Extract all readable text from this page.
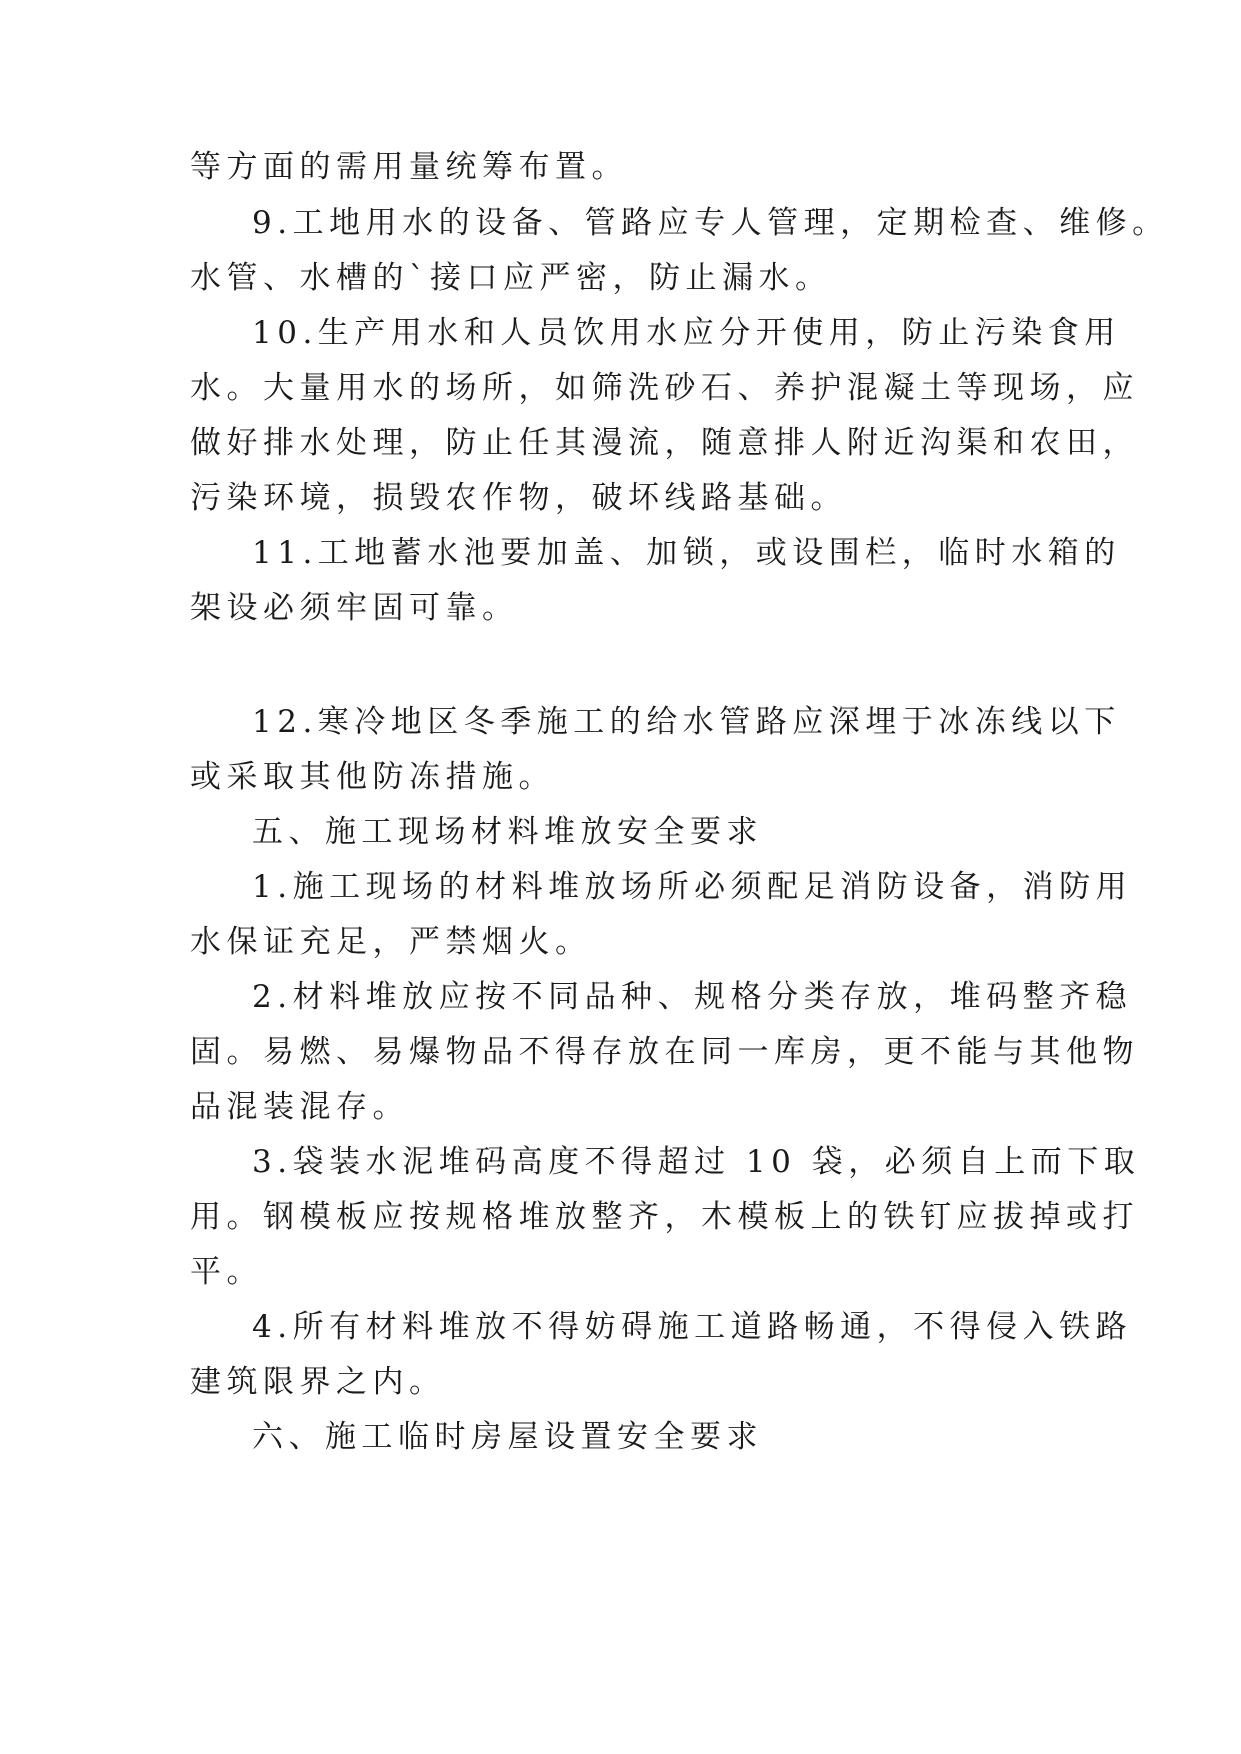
等方面的需用量统筹布置。

9.工地用水的设备、管路应专人管理，定期检查、维修。

水管、水槽的`接口应严密，防止漏水。

10.生产用水和人员饮用水应分开使用，防止污染食用

水。大量用水的场所，如筛洗砂石、养护混凝土等现场，应

做好排水处理，防止任其漫流，随意排人附近沟渠和农田，

污染环境，损毁农作物，破坏线路基础。

11.工地蓄水池要加盖、加锁，或设围栏，临时水箱的

架设必须牢固可靠。

12.寒冷地区冬季施工的给水管路应深埋于冰冻线以下

或采取其他防冻措施。

五、施工现场材料堆放安全要求

1.施工现场的材料堆放场所必须配足消防设备，消防用

水保证充足，严禁烟火。

2.材料堆放应按不同品种、规格分类存放，堆码整齐稳

固。易燃、易爆物品不得存放在同一库房，更不能与其他物

品混装混存。

3.袋装水泥堆码高度不得超过 10 袋，必须自上而下取

用。钢模板应按规格堆放整齐，木模板上的铁钉应拔掉或打

平。

4.所有材料堆放不得妨碍施工道路畅通，不得侵入铁路

建筑限界之内。

六、施工临时房屋设置安全要求
